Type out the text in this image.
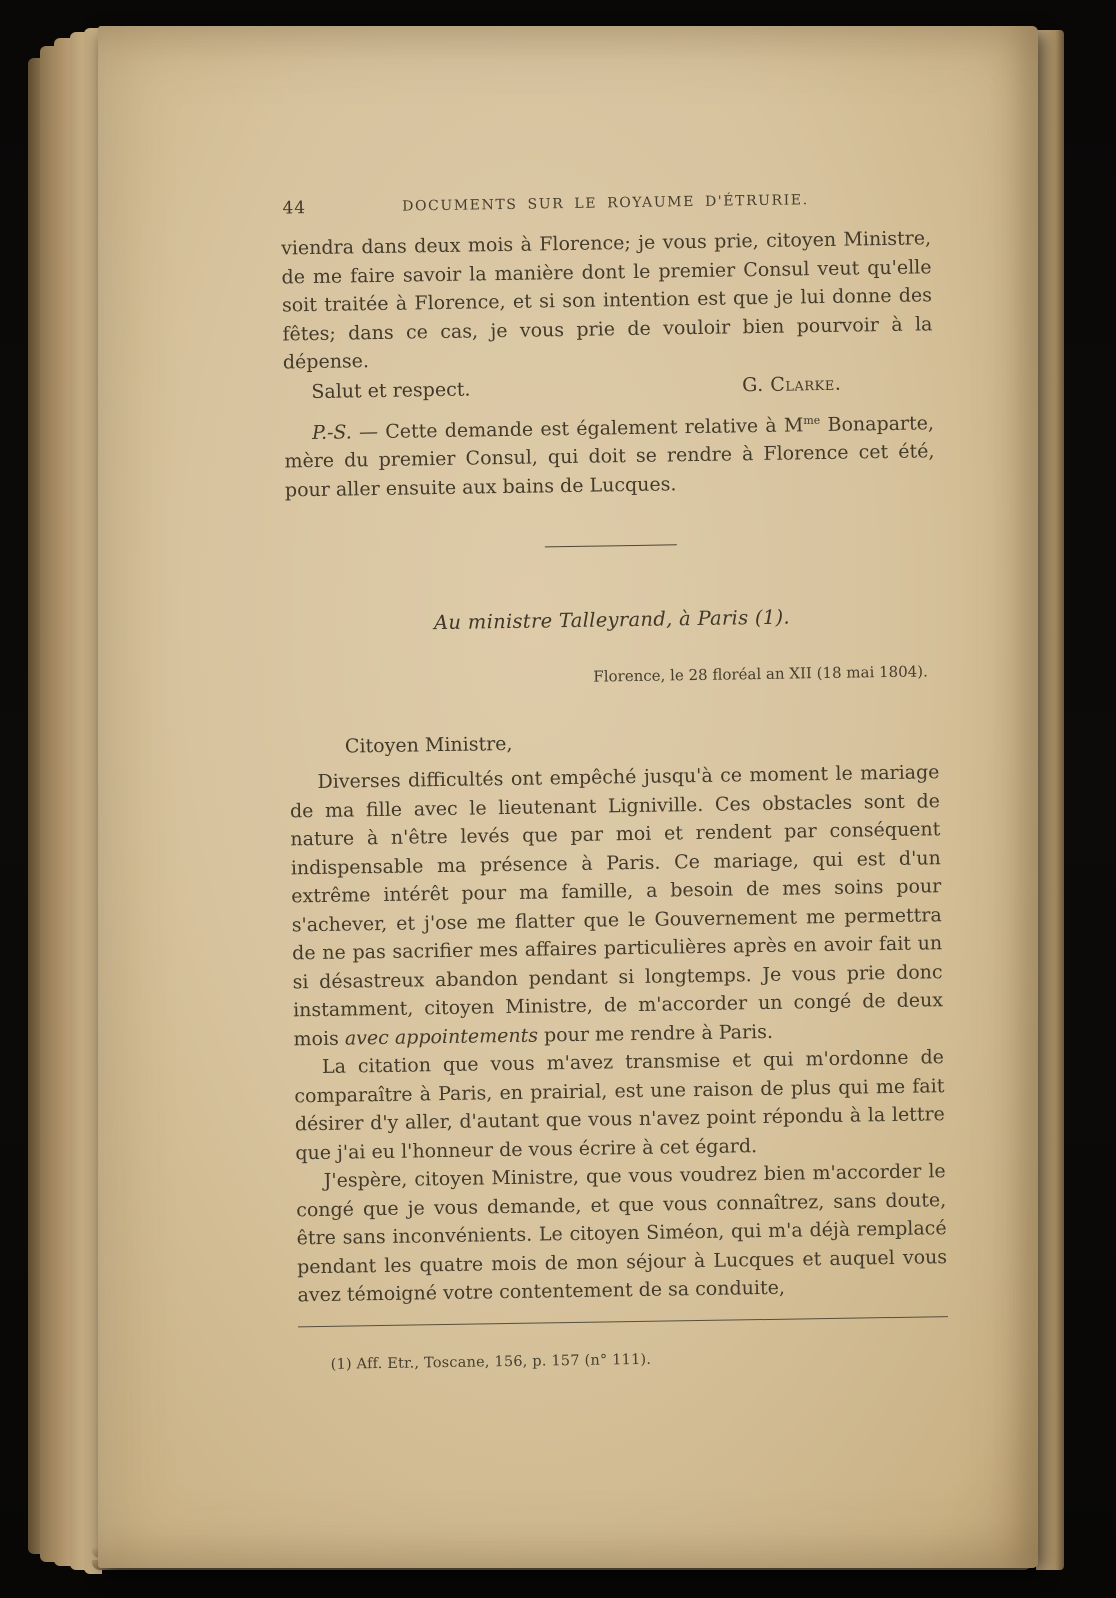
44	DOCUMENTS SUR LE ROYAUME D'ÉTRURIE.

viendra dans deux mois à Florence; je vous prie, citoyen Ministre, de me faire savoir la manière dont le premier Consul veut qu'elle soit traitée à Florence, et si son intention est que je lui donne des fêtes; dans ce cas, je vous prie de vouloir bien pourvoir à la dépense.

Salut et respect.	G. Clarke.

P.-S. — Cette demande est également relative à $M^{me}$ Bonaparte, mère du premier Consul, qui doit se rendre à Florence cet été, pour aller ensuite aux bains de Lucques.

Au ministre Talleyrand, à Paris (1).
Florence, le 28 floréal an XII (18 mai 1804).

Citoyen Ministre,

Diverses difficultés ont empêché jusqu'à ce moment le mariage de ma fille avec le lieutenant Ligniville. Ces obstacles sont de nature à n'être levés que par moi et rendent par conséquent indispensable ma présence à Paris. Ce mariage, qui est d'un extrême intérêt pour ma famille, a besoin de mes soins pour s'achever, et j'ose me flatter que le Gouvernement me permettra de ne pas sacrifier mes affaires particulières après en avoir fait un si désastreux abandon pendant si longtemps. Je vous prie donc instamment, citoyen Ministre, de m'accorder un congé de deux mois avec appointements pour me rendre à Paris.

La citation que vous m'avez transmise et qui m'ordonne de comparaître à Paris, en prairial, est une raison de plus qui me fait désirer d'y aller, d'autant que vous n'avez point répondu à la lettre que j'ai eu l'honneur de vous écrire à cet égard.

J'espère, citoyen Ministre, que vous voudrez bien m'accorder le congé que je vous demande, et que vous connaîtrez, sans doute, être sans inconvénients. Le citoyen Siméon, qui m'a déjà remplacé pendant les quatre mois de mon séjour à Lucques et auquel vous avez témoigné votre contentement de sa conduite,

(1) Aff. Etr., Toscane, 156, p. 157 (n° 111).
